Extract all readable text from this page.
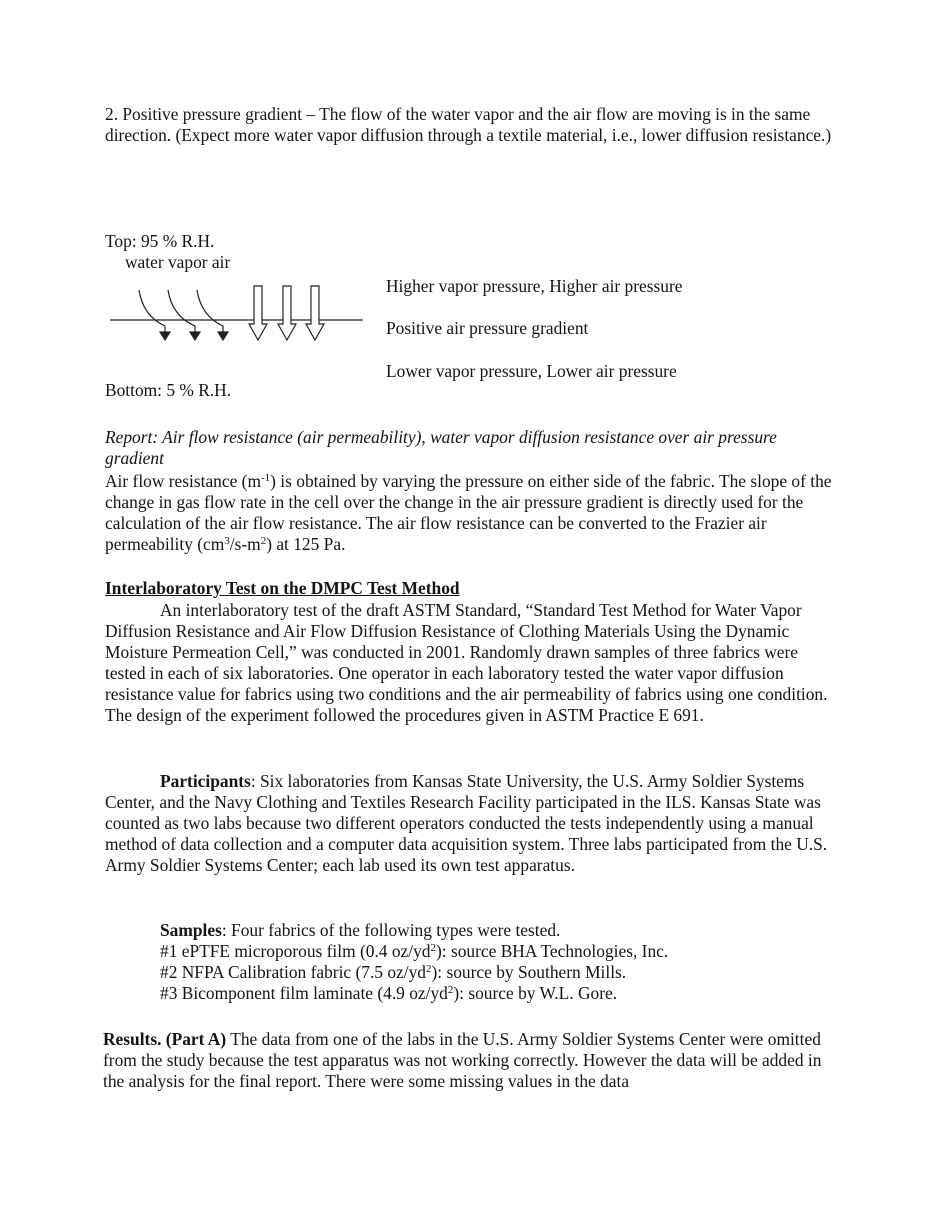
2. Positive pressure gradient – The flow of the water vapor and the air flow are moving is in the same direction. (Expect more water vapor diffusion through a textile material, i.e., lower diffusion resistance.)

Top: 95 % R.H.
water vapor air
Higher vapor pressure, Higher air pressure
Positive air pressure gradient
Lower vapor pressure, Lower air pressure
Bottom: 5 % R.H.
Report: Air flow resistance (air permeability), water vapor diffusion resistance over air pressure gradient

Air flow resistance $(m^{-1})$ is obtained by varying the pressure on either side of the fabric. The slope of the change in gas flow rate in the cell over the change in the air pressure gradient is directly used for the calculation of the air flow resistance. The air flow resistance can be converted to the Frazier air permeability $(cm^3/s-m^2)$ at 125 Pa.

Interlaboratory Test on the DMPC Test Method

An interlaboratory test of the draft ASTM Standard, “Standard Test Method for Water Vapor Diffusion Resistance and Air Flow Diffusion Resistance of Clothing Materials Using the Dynamic Moisture Permeation Cell,” was conducted in 2001. Randomly drawn samples of three fabrics were tested in each of six laboratories. One operator in each laboratory tested the water vapor diffusion resistance value for fabrics using two conditions and the air permeability of fabrics using one condition. The design of the experiment followed the procedures given in ASTM Practice E 691.

Participants: Six laboratories from Kansas State University, the U.S. Army Soldier Systems Center, and the Navy Clothing and Textiles Research Facility participated in the ILS. Kansas State was counted as two labs because two different operators conducted the tests independently using a manual method of data collection and a computer data acquisition system. Three labs participated from the U.S. Army Soldier Systems Center; each lab used its own test apparatus.

Samples: Four fabrics of the following types were tested.
#1 ePTFE microporous film (0.4 $oz/yd^2$): source BHA Technologies, Inc.
#2 NFPA Calibration fabric (7.5 $oz/yd^2$): source by Southern Mills.
#3 Bicomponent film laminate (4.9 $oz/yd^2$): source by W.L. Gore.

Results. (Part A) The data from one of the labs in the U.S. Army Soldier Systems Center were omitted from the study because the test apparatus was not working correctly. However the data will be added in the analysis for the final report. There were some missing values in the data
